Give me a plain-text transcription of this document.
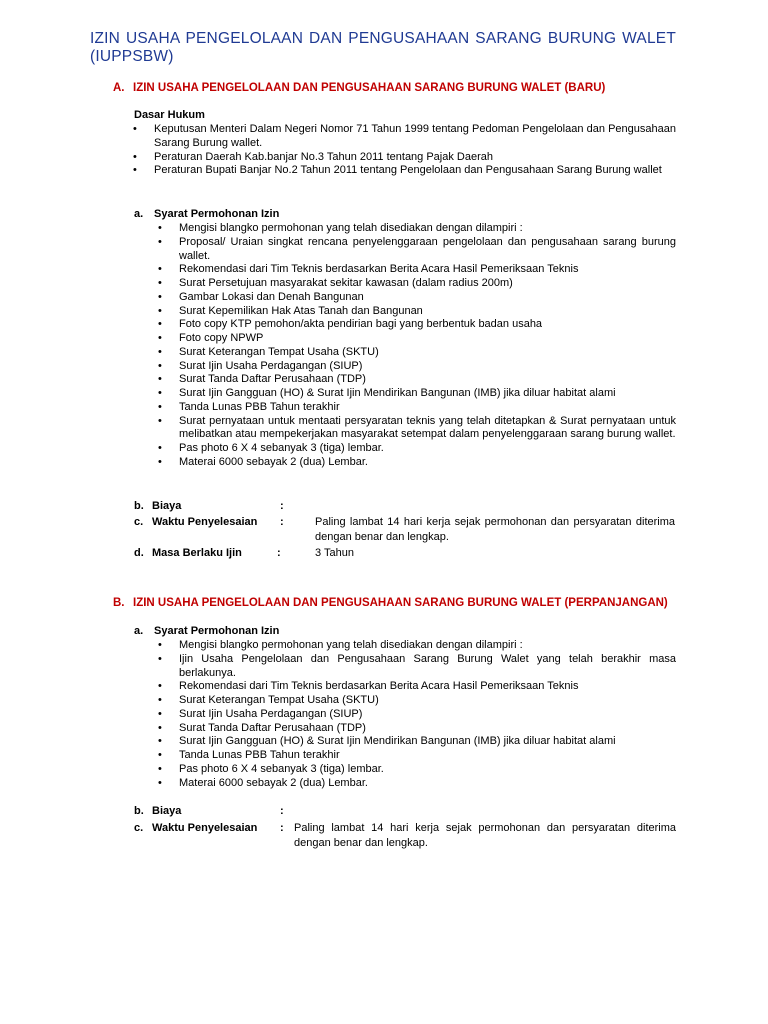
IZIN USAHA PENGELOLAAN DAN PENGUSAHAAN SARANG BURUNG WALET (IUPPSBW)
A. IZIN USAHA PENGELOLAAN DAN PENGUSAHAAN SARANG BURUNG WALET (BARU)
Dasar Hukum
• Keputusan Menteri Dalam Negeri Nomor 71 Tahun 1999 tentang Pedoman Pengelolaan dan Pengusahaan Sarang Burung wallet.
• Peraturan Daerah Kab.banjar No.3 Tahun 2011 tentang Pajak Daerah
• Peraturan Bupati Banjar No.2 Tahun 2011 tentang Pengelolaan dan Pengusahaan Sarang Burung wallet
a. Syarat Permohonan Izin
• Mengisi blangko permohonan yang telah disediakan dengan dilampiri :
• Proposal/ Uraian singkat rencana penyelenggaraan pengelolaan dan pengusahaan sarang burung wallet.
• Rekomendasi dari Tim Teknis berdasarkan Berita Acara Hasil Pemeriksaan Teknis
• Surat Persetujuan masyarakat sekitar kawasan (dalam radius 200m)
• Gambar Lokasi dan Denah Bangunan
• Surat Kepemilikan Hak Atas Tanah dan Bangunan
• Foto copy KTP pemohon/akta pendirian bagi yang berbentuk badan usaha
• Foto copy NPWP
• Surat Keterangan Tempat Usaha (SKTU)
• Surat Ijin Usaha Perdagangan (SIUP)
• Surat Tanda Daftar Perusahaan (TDP)
• Surat Ijin Gangguan (HO) & Surat Ijin Mendirikan Bangunan (IMB) jika diluar habitat alami
• Tanda Lunas PBB Tahun terakhir
• Surat pernyataan untuk mentaati persyaratan teknis yang telah ditetapkan & Surat pernyataan untuk melibatkan atau mempekerjakan masyarakat setempat dalam penyelenggaraan sarang burung wallet.
• Pas photo 6 X 4 sebanyak 3 (tiga) lembar.
• Materai 6000 sebayak 2 (dua) Lembar.
b. Biaya	:
c. Waktu Penyelesaian :	Paling lambat 14 hari kerja sejak permohonan dan persyaratan diterima dengan benar dan lengkap.
d. Masa Berlaku Ijin	:	3 Tahun
B. IZIN USAHA PENGELOLAAN DAN PENGUSAHAAN SARANG BURUNG WALET (PERPANJANGAN)
a. Syarat Permohonan Izin
• Mengisi blangko permohonan yang telah disediakan dengan dilampiri :
• Ijin Usaha Pengelolaan dan Pengusahaan Sarang Burung Walet yang telah berakhir masa berlakunya.
• Rekomendasi dari Tim Teknis berdasarkan Berita Acara Hasil Pemeriksaan Teknis
• Surat Keterangan Tempat Usaha (SKTU)
• Surat Ijin Usaha Perdagangan (SIUP)
• Surat Tanda Daftar Perusahaan (TDP)
• Surat Ijin Gangguan (HO) & Surat Ijin Mendirikan Bangunan (IMB) jika diluar habitat alami
• Tanda Lunas PBB Tahun terakhir
• Pas photo 6 X 4 sebanyak 3 (tiga) lembar.
• Materai 6000 sebayak 2 (dua) Lembar.
b. Biaya	:
c. Waktu Penyelesaian : Paling lambat 14 hari kerja sejak permohonan dan persyaratan diterima dengan benar dan lengkap.
